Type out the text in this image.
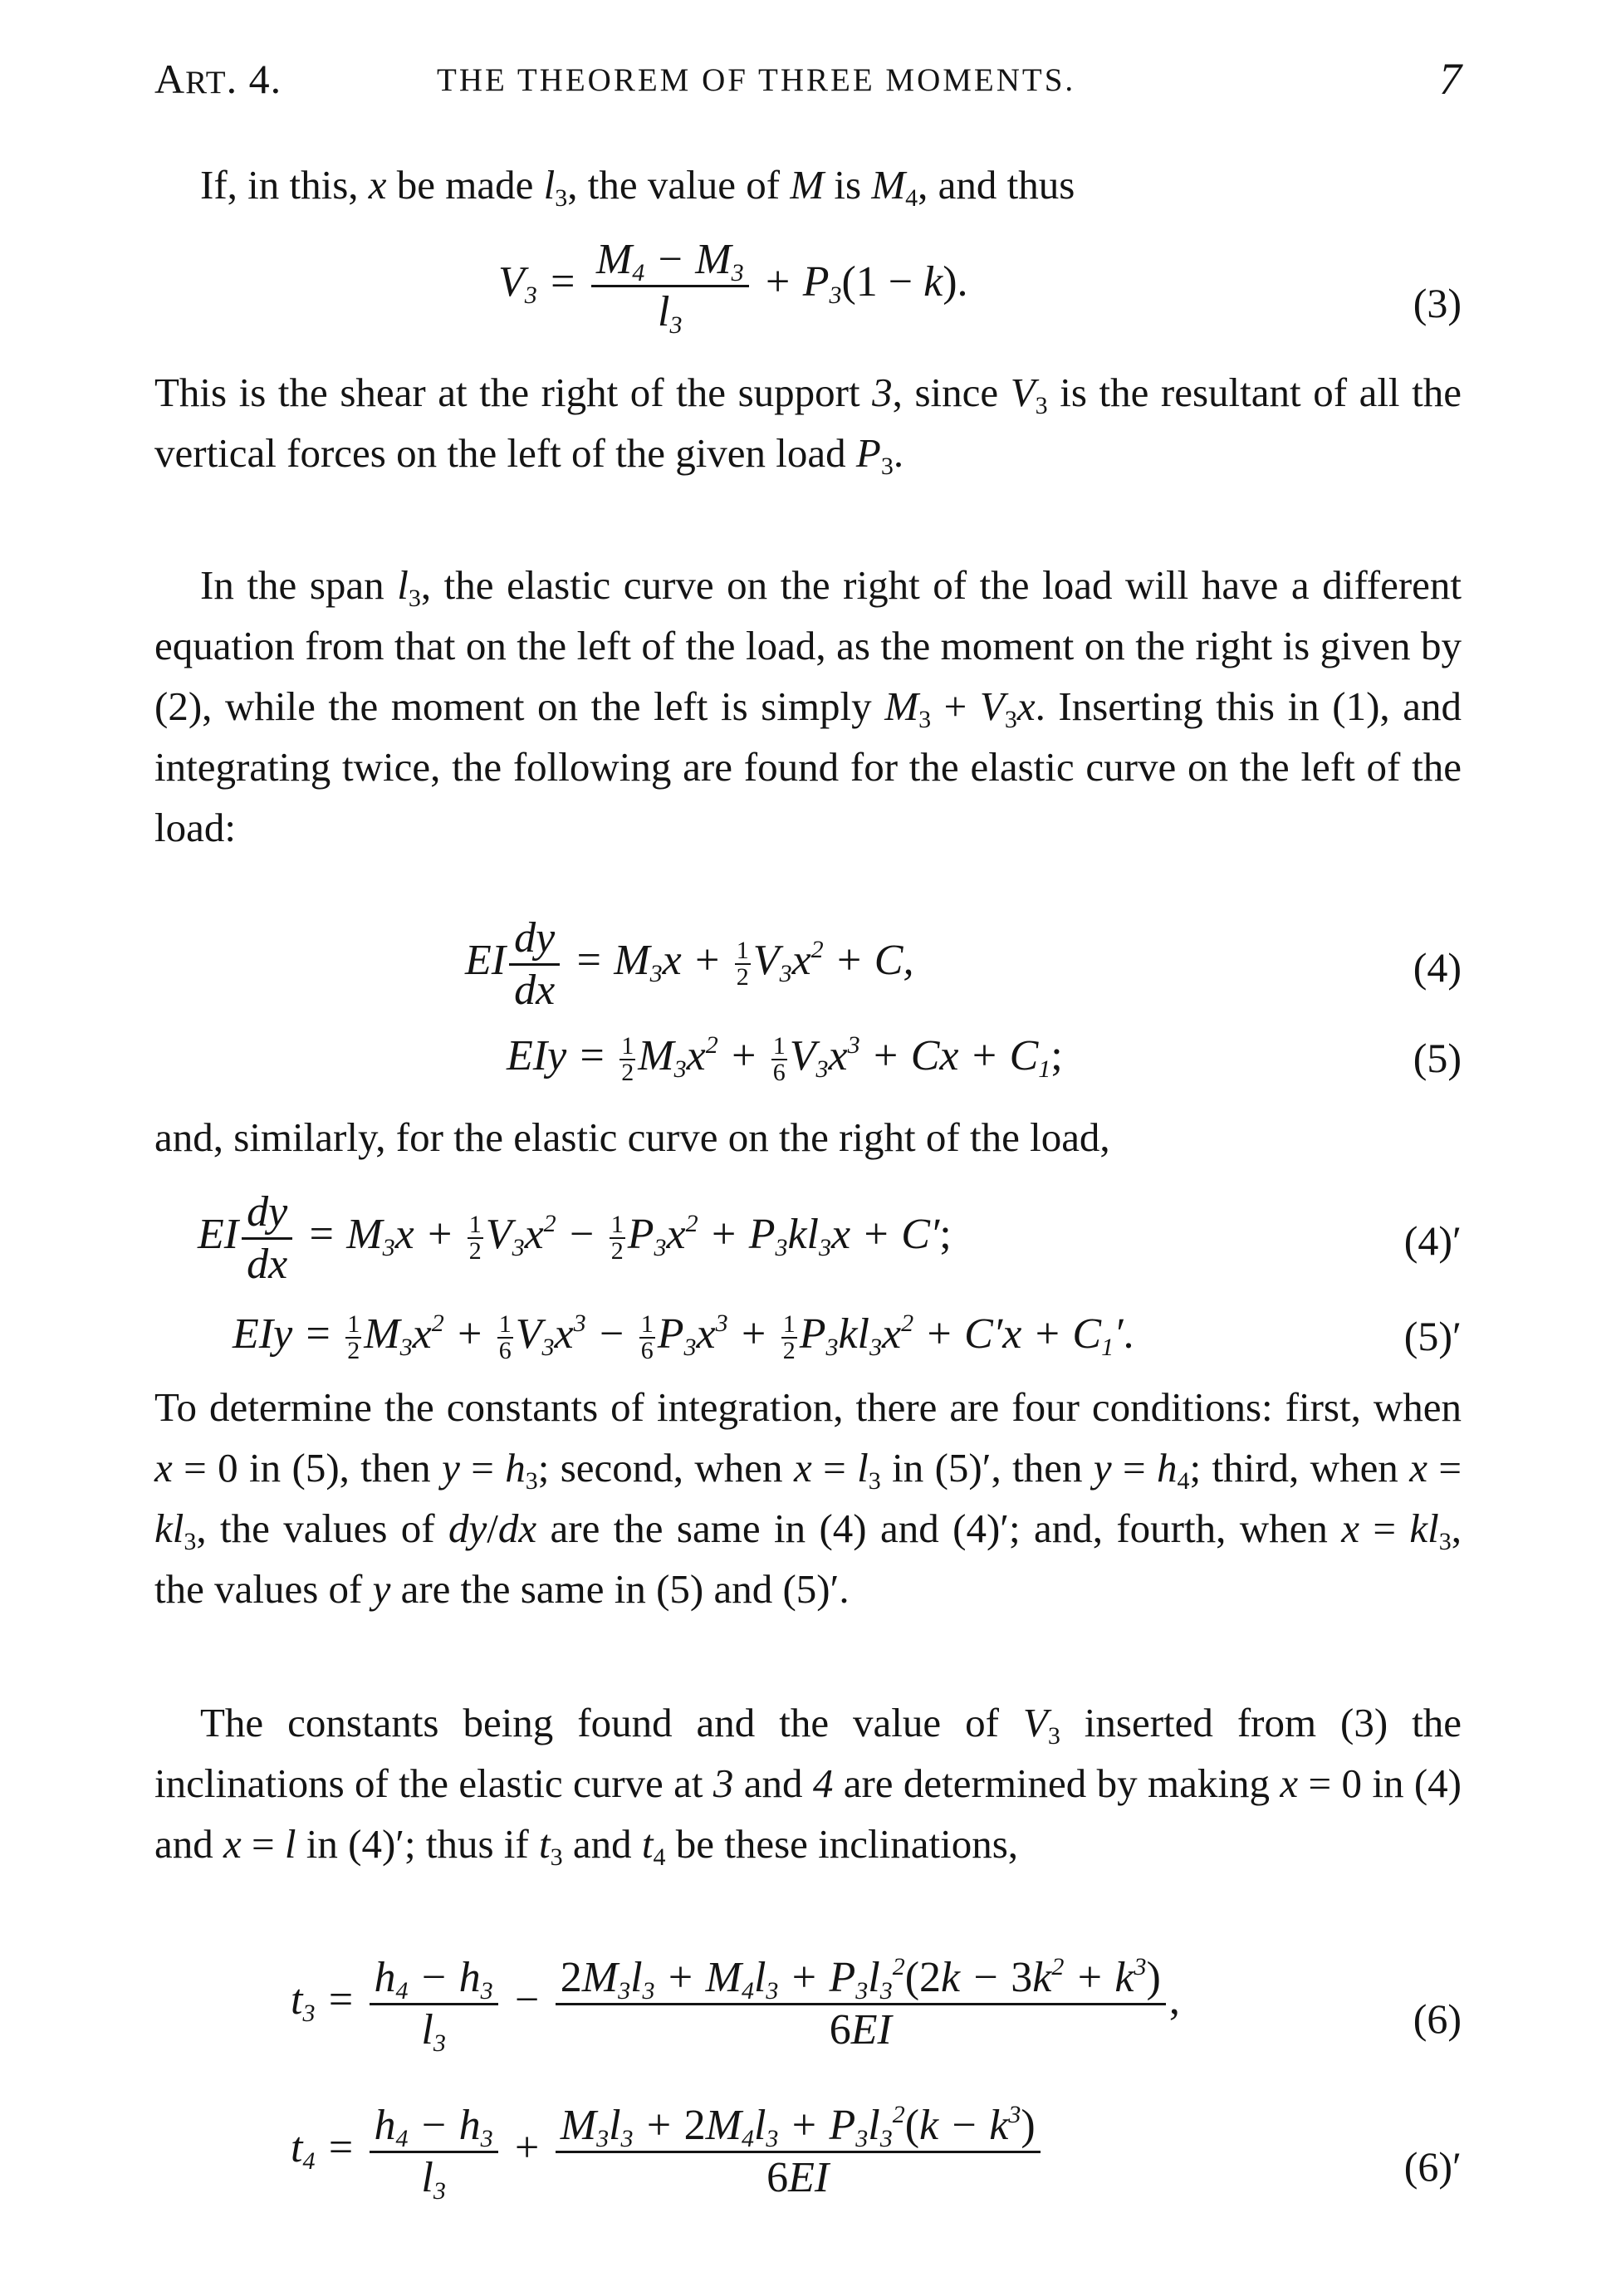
ART. 4.	THE THEOREM OF THREE MOMENTS.	7
If, in this, x be made $l_3$, the value of M is $M_4$, and thus
$V_3 = \frac{M_4 - M_3}{l_3} + P_3(1 - k)$.	(3)
This is the shear at the right of the support 3, since $V_3$ is the resultant of all the vertical forces on the left of the given load $P_3$.
In the span $l_3$, the elastic curve on the right of the load will have a different equation from that on the left of the load, as the moment on the right is given by (2), while the moment on the left is simply $M_3 + V_3x$. Inserting this in (1), and integrating twice, the following are found for the elastic curve on the left of the load:
EI $\frac{dy}{dx} = M_3x + \frac{1}{2} V_3x^2 + C$,	(4)
EIy = $\frac{1}{2} M_3x^2 + \frac{1}{6} V_3x^3 + Cx + C_1$;	(5)
and, similarly, for the elastic curve on the right of the load,
EI $\frac{dy}{dx} = M_3x + \frac{1}{2} V_3x^2 - \frac{1}{2} P_3x^2 + P_3kl_3x + C'$;	(4)′
EIy = $\frac{1}{2} M_3x^2 + \frac{1}{6} V_3x^3 - \frac{1}{6} P_3x^3 + \frac{1}{2} P_3kl_3x^2 + C'x + C_1'$.	(5)′
To determine the constants of integration, there are four conditions: first, when x = 0 in (5), then $y = h_3$; second, when $x = l_3$ in (5)′, then $y = h_4$; third, when $x = kl_3$, the values of dy/dx are the same in (4) and (4)′; and, fourth, when $x = kl_3$, the values of y are the same in (5) and (5)′.
The constants being found and the value of $V_3$ inserted from (3) the inclinations of the elastic curve at 3 and 4 are determined by making x = 0 in (4) and x = l in (4)′; thus if $t_3$ and $t_4$ be these inclinations,
$t_3 = \frac{h_4 - h_3}{l_3} - \frac{2M_3l_3 + M_4l_3 + P_3l_3^2(2k - 3k^2 + k^3)}{6EI}$ ,	(6)
$t_4 = \frac{h_4 - h_3}{l_3} + \frac{M_3l_3 + 2M_4l_3 + P_3l_3^2(k - k^3)}{6EI}$	(6)′
